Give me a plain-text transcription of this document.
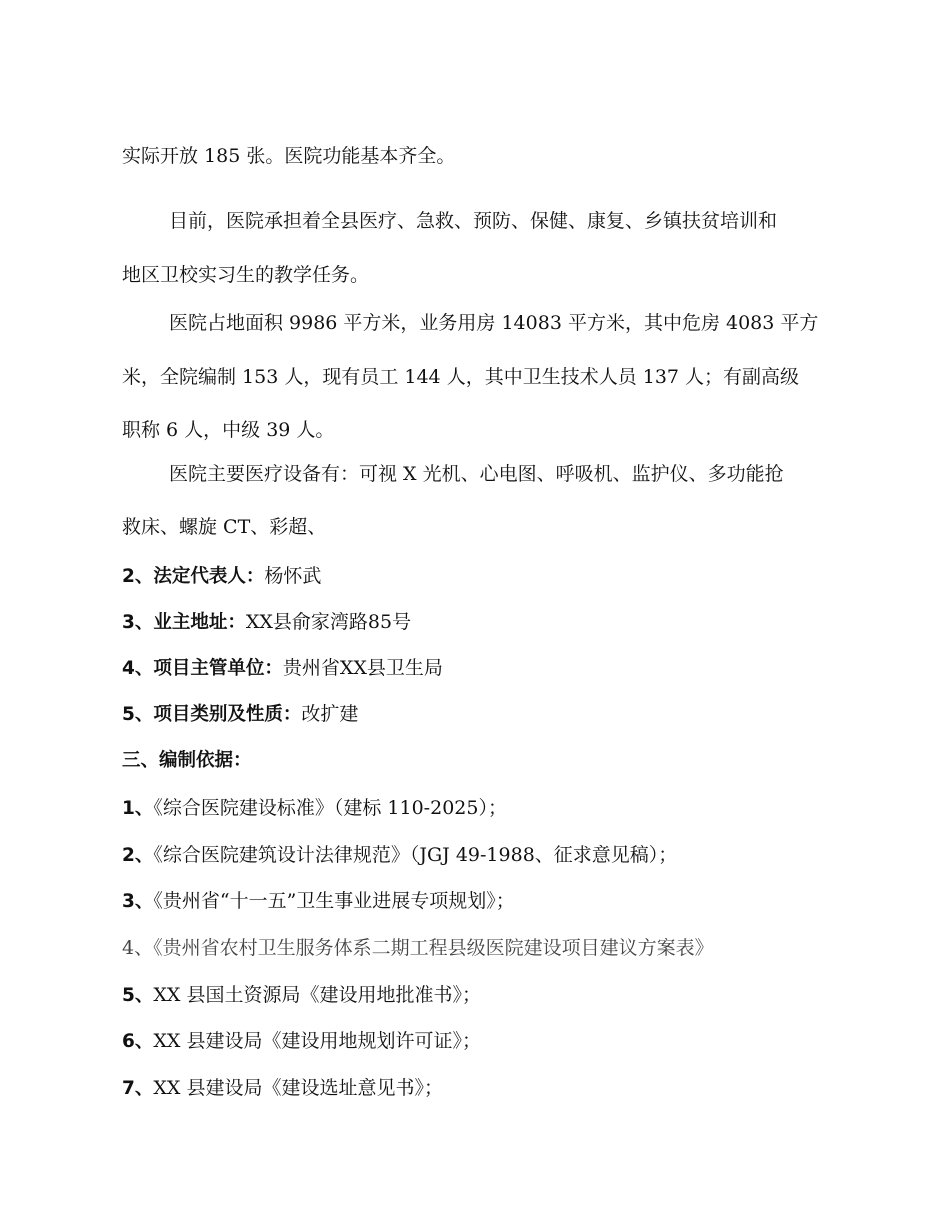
实际开放 185 张。医院功能基本齐全。
目前，医院承担着全县医疗、急救、预防、保健、康复、乡镇扶贫培训和
地区卫校实习生的教学任务。
医院占地面积 9986 平方米，业务用房 14083 平方米，其中危房 4083 平方
米，全院编制 153 人，现有员工 144 人，其中卫生技术人员 137 人；有副高级
职称 6 人，中级 39 人。
医院主要医疗设备有：可视 X 光机、心电图、呼吸机、监护仪、多功能抢
救床、螺旋 CT、彩超、
2、法定代表人：杨怀武
3、业主地址：XX县俞家湾路85号
4、项目主管单位：贵州省XX县卫生局
5、项目类别及性质：改扩建
三、编制依据：
1、《综合医院建设标准》（建标 110-2025）；
2、《综合医院建筑设计法律规范》（JGJ 49-1988、征求意见稿）；
3、《贵州省“十一五”卫生事业进展专项规划》；
4、《贵州省农村卫生服务体系二期工程县级医院建设项目建议方案表》
5、XX 县国土资源局《建设用地批准书》；
6、XX 县建设局《建设用地规划许可证》；
7、XX 县建设局《建设选址意见书》；
